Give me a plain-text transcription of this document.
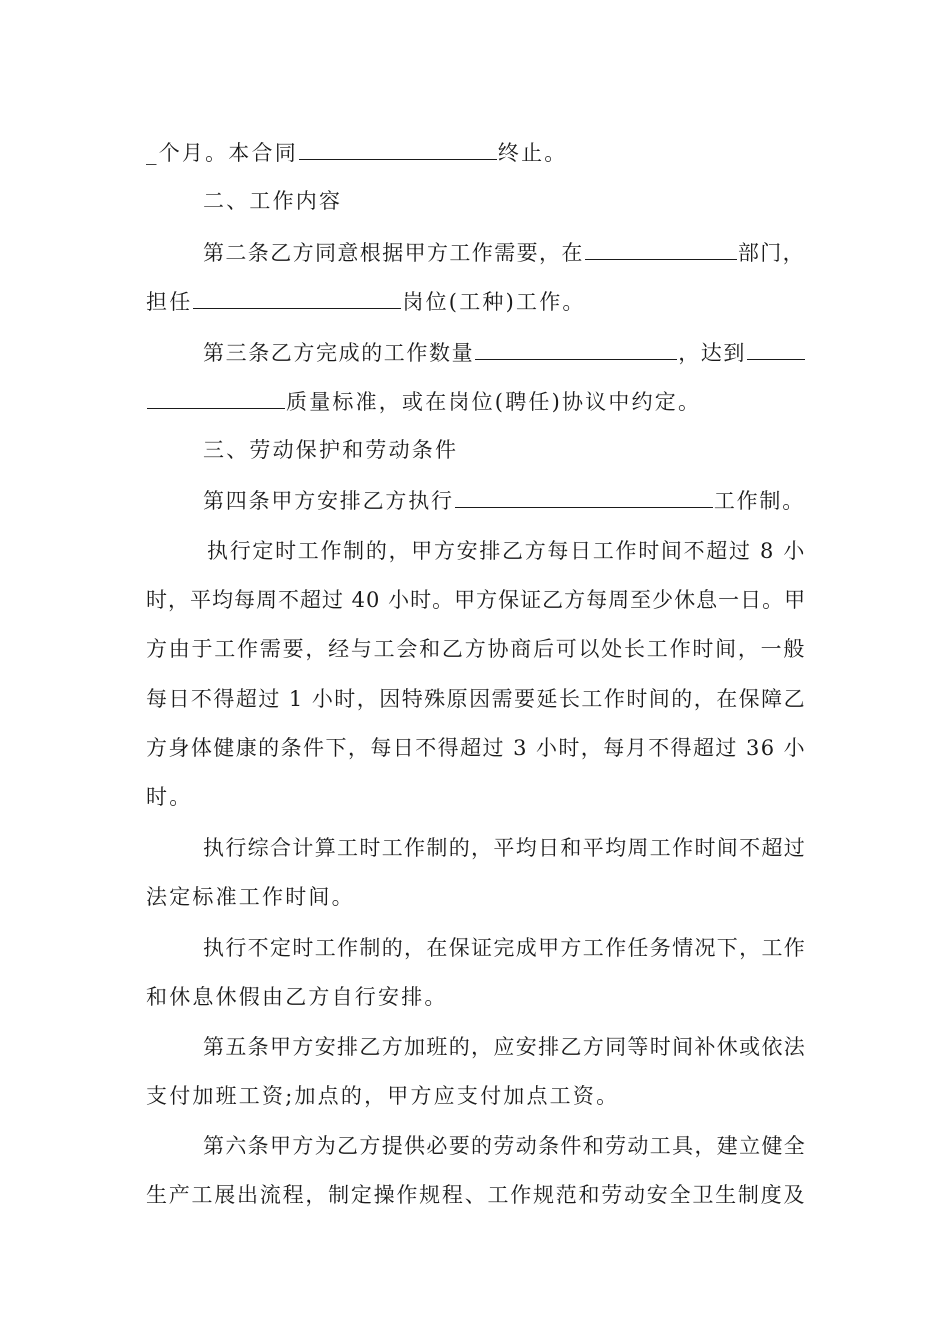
_个月。本合同	终止。
二、工作内容
第二条乙方同意根据甲方工作需要，在	部门，
担任	岗位(工种)工作。
第三条乙方完成的工作数量	，达到
质量标准，或在岗位(聘任)协议中约定。
三、劳动保护和劳动条件
第四条甲方安排乙方执行	工作制。
执行定时工作制的，甲方安排乙方每日工作时间不超过 8 小
时，平均每周不超过 40 小时。甲方保证乙方每周至少休息一日。甲
方由于工作需要，经与工会和乙方协商后可以处长工作时间，一般
每日不得超过 1 小时，因特殊原因需要延长工作时间的，在保障乙
方身体健康的条件下，每日不得超过 3 小时，每月不得超过 36 小
时。
执行综合计算工时工作制的，平均日和平均周工作时间不超过
法定标准工作时间。
执行不定时工作制的，在保证完成甲方工作任务情况下，工作
和休息休假由乙方自行安排。
第五条甲方安排乙方加班的，应安排乙方同等时间补休或依法
支付加班工资;加点的，甲方应支付加点工资。
第六条甲方为乙方提供必要的劳动条件和劳动工具，建立健全
生产工展出流程，制定操作规程、工作规范和劳动安全卫生制度及
